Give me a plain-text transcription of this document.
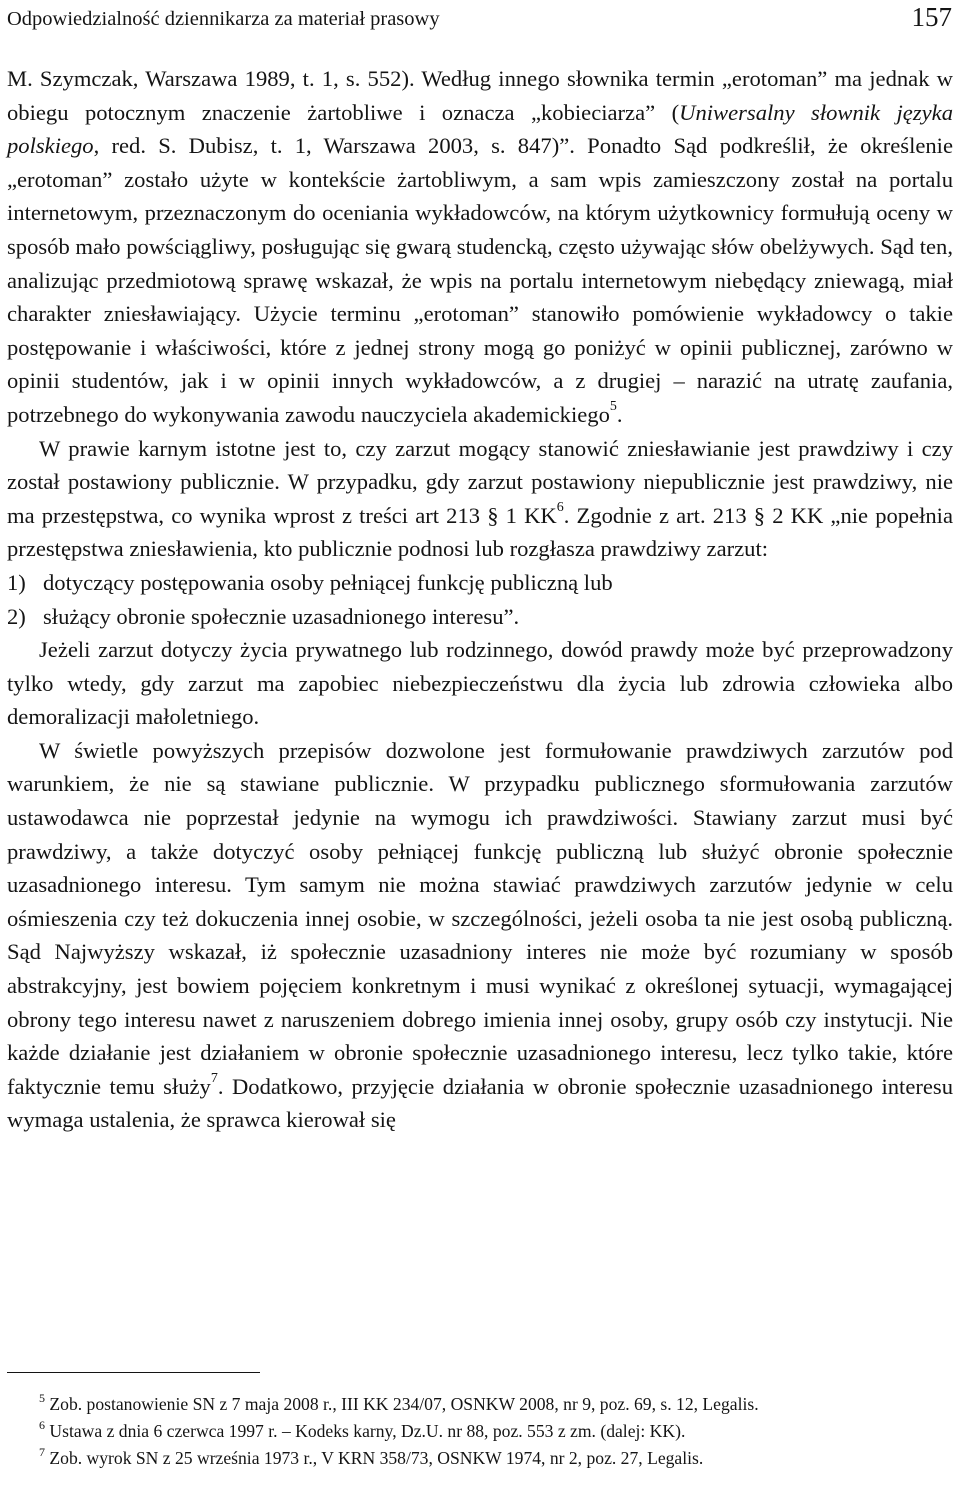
Odpowiedzialność dziennikarza za materiał prasowy	157

M. Szymczak, Warszawa 1989, t. 1, s. 552). Według innego słownika termin „erotoman” ma jednak w obiegu potocznym znaczenie żartobliwe i oznacza „kobieciarza” (Uniwersalny słownik języka polskiego, red. S. Dubisz, t. 1, Warszawa 2003, s. 847)”. Ponadto Sąd podkreślił, że określenie „erotoman” zostało użyte w kontekście żartobliwym, a sam wpis zamieszczony został na portalu internetowym, przeznaczonym do oceniania wykładowców, na którym użytkownicy formułują oceny w sposób mało powściągliwy, posługując się gwarą studencką, często używając słów obelżywych. Sąd ten, analizując przedmiotową sprawę wskazał, że wpis na portalu internetowym niebędący zniewagą, miał charakter zniesławiający. Użycie terminu „erotoman” stanowiło pomówienie wykładowcy o takie postępowanie i właściwości, które z jednej strony mogą go poniżyć w opinii publicznej, zarówno w opinii studentów, jak i w opinii innych wykładowców, a z drugiej – narazić na utratę zaufania, potrzebnego do wykonywania zawodu nauczyciela akademickiego$^5$.

W prawie karnym istotne jest to, czy zarzut mogący stanowić zniesławianie jest prawdziwy i czy został postawiony publicznie. W przypadku, gdy zarzut postawiony niepublicznie jest prawdziwy, nie ma przestępstwa, co wynika wprost z treści art 213 § 1 KK$^6$. Zgodnie z art. 213 § 2 KK „nie popełnia przestępstwa zniesławienia, kto publicznie podnosi lub rozgłasza prawdziwy zarzut:

1) dotyczący postępowania osoby pełniącej funkcję publiczną lub
2) służący obronie społecznie uzasadnionego interesu”.

Jeżeli zarzut dotyczy życia prywatnego lub rodzinnego, dowód prawdy może być przeprowadzony tylko wtedy, gdy zarzut ma zapobiec niebezpieczeństwu dla życia lub zdrowia człowieka albo demoralizacji małoletniego.

W świetle powyższych przepisów dozwolone jest formułowanie prawdziwych zarzutów pod warunkiem, że nie są stawiane publicznie. W przypadku publicznego sformułowania zarzutów ustawodawca nie poprzestał jedynie na wymogu ich prawdziwości. Stawiany zarzut musi być prawdziwy, a także dotyczyć osoby pełniącej funkcję publiczną lub służyć obronie społecznie uzasadnionego interesu. Tym samym nie można stawiać prawdziwych zarzutów jedynie w celu ośmieszenia czy też dokuczenia innej osobie, w szczególności, jeżeli osoba ta nie jest osobą publiczną. Sąd Najwyższy wskazał, iż społecznie uzasadniony interes nie może być rozumiany w sposób abstrakcyjny, jest bowiem pojęciem konkretnym i musi wynikać z określonej sytuacji, wymagającej obrony tego interesu nawet z naruszeniem dobrego imienia innej osoby, grupy osób czy instytucji. Nie każde działanie jest działaniem w obronie społecznie uzasadnionego interesu, lecz tylko takie, które faktycznie temu służy$^7$. Dodatkowo, przyjęcie działania w obronie społecznie uzasadnionego interesu wymaga ustalenia, że sprawca kierował się

$^5$ Zob. postanowienie SN z 7 maja 2008 r., III KK 234/07, OSNKW 2008, nr 9, poz. 69, s. 12, Legalis.

$^6$ Ustawa z dnia 6 czerwca 1997 r. – Kodeks karny, Dz.U. nr 88, poz. 553 z zm. (dalej: KK).

$^7$ Zob. wyrok SN z 25 września 1973 r., V KRN 358/73, OSNKW 1974, nr 2, poz. 27, Legalis.
